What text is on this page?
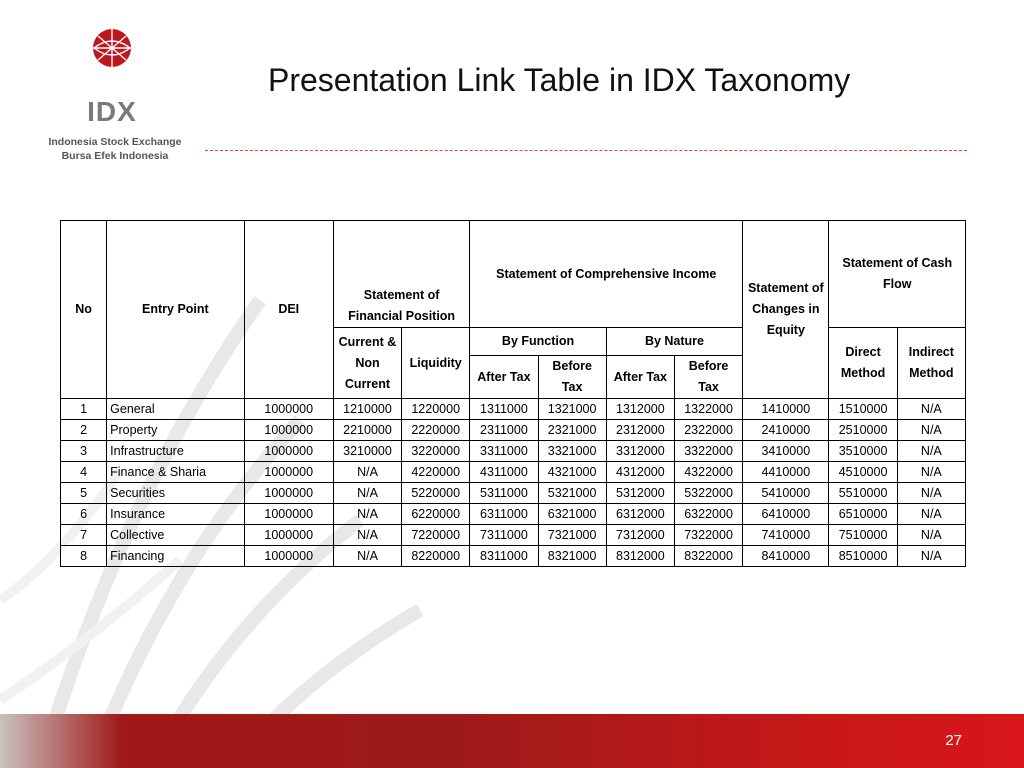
IDX
Indonesia Stock Exchange
Bursa Efek Indonesia
Presentation Link Table in IDX Taxonomy
No	Entry Point	DEI	Statement of Financial Position		Statement of Comprehensive Income				Statement of Changes in Equity	Statement of Cash Flow	
			Current & Non Current	Liquidity	By Function		By Nature			Direct Method	Indirect Method
					After Tax	Before Tax	After Tax	Before Tax			
1	General	1000000	1210000	1220000	1311000	1321000	1312000	1322000	1410000	1510000	N/A
2	Property	1000000	2210000	2220000	2311000	2321000	2312000	2322000	2410000	2510000	N/A
3	Infrastructure	1000000	3210000	3220000	3311000	3321000	3312000	3322000	3410000	3510000	N/A
4	Finance & Sharia	1000000	N/A	4220000	4311000	4321000	4312000	4322000	4410000	4510000	N/A
5	Securities	1000000	N/A	5220000	5311000	5321000	5312000	5322000	5410000	5510000	N/A
6	Insurance	1000000	N/A	6220000	6311000	6321000	6312000	6322000	6410000	6510000	N/A
7	Collective	1000000	N/A	7220000	7311000	7321000	7312000	7322000	7410000	7510000	N/A
8	Financing	1000000	N/A	8220000	8311000	8321000	8312000	8322000	8410000	8510000	N/A
27
